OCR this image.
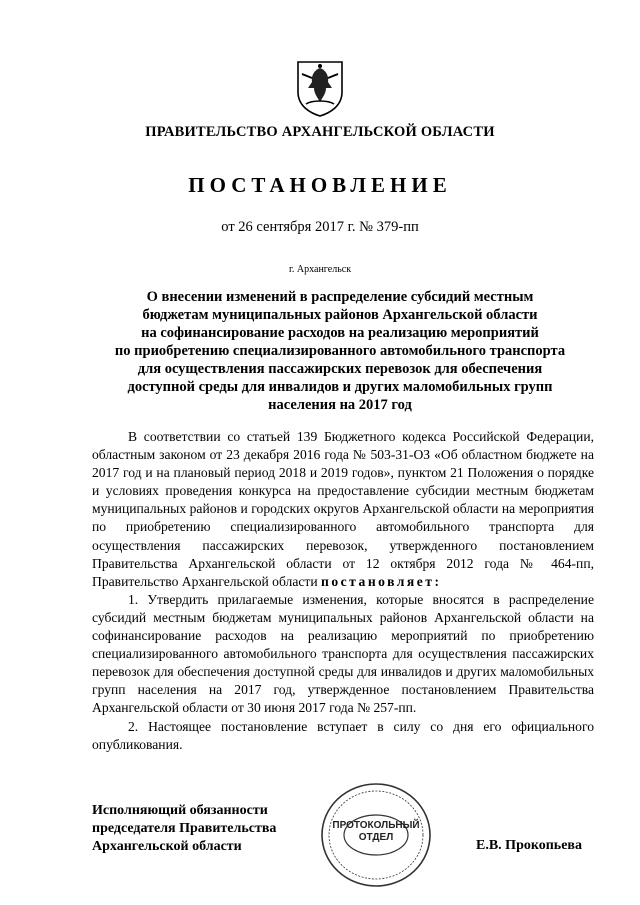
ПРАВИТЕЛЬСТВО АРХАНГЕЛЬСКОЙ ОБЛАСТИ
ПОСТАНОВЛЕНИЕ
от 26 сентября 2017 г. № 379-пп
г. Архангельск
О внесении изменений в распределение субсидий местным
бюджетам муниципальных районов Архангельской области
на софинансирование расходов на реализацию мероприятий
по приобретению специализированного автомобильного транспорта
для осуществления пассажирских перевозок для обеспечения
доступной среды для инвалидов и других маломобильных групп
населения на 2017 год

В соответствии со статьей 139 Бюджетного кодекса Российской Федерации, областным законом от 23 декабря 2016 года № 503-31-ОЗ «Об областном бюджете на 2017 год и на плановый период 2018 и 2019 годов», пунктом 21 Положения о порядке и условиях проведения конкурса на предоставление субсидии местным бюджетам муниципальных районов и городских округов Архангельской области на мероприятия по приобретению специализированного автомобильного транспорта для осуществления пассажирских перевозок, утвержденного постановлением Правительства Архангельской области от 12 октября 2012 года № 464-пп, Правительство Архангельской области постановляет:

1. Утвердить прилагаемые изменения, которые вносятся в распределение субсидий местным бюджетам муниципальных районов Архангельской области на софинансирование расходов на реализацию мероприятий по приобретению специализированного автомобильного транспорта для осуществления пассажирских перевозок для обеспечения доступной среды для инвалидов и других маломобильных групп населения на 2017 год, утвержденное постановлением Правительства Архангельской области от 30 июня 2017 года № 257-пп.

2. Настоящее постановление вступает в силу со дня его официального опубликования.

ПРОТОКОЛЬНЫЙ
ОТДЕЛ
Исполняющий обязанности
председателя Правительства
Архангельской области	Е.В. Прокопьева
